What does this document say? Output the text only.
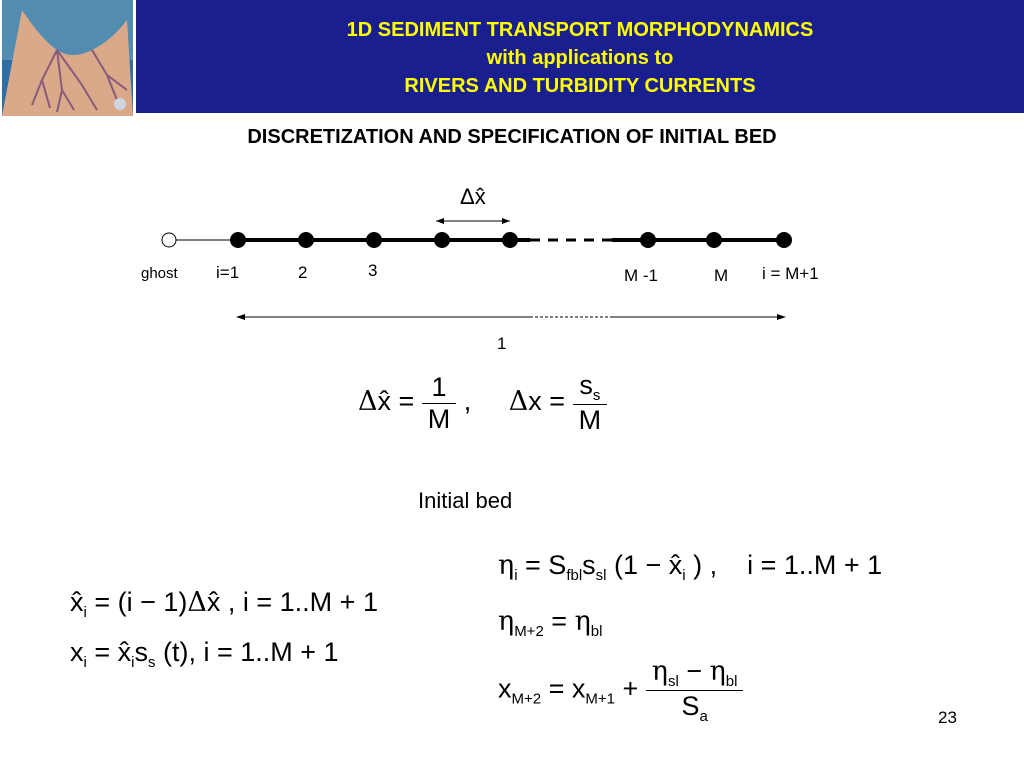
1D SEDIMENT TRANSPORT MORPHODYNAMICS
with applications to
RIVERS AND TURBIDITY CURRENTS
DISCRETIZATION AND SPECIFICATION OF INITIAL BED
Δx̂
ghost i=1	2	3	M -1	M i = M+1
1
Δx̂ = $\frac{1}{M}$ ,     $\Delta x = \frac{s_s}{M}$
Initial bed
$x̂_i = (i$ − 1)Δx̂ , i = 1..M + 1
$x_i$ = $x̂_is_s$ (t), i = 1..M + 1
$\eta_i = S_{fbl}s_{sl}$ ($1 - x̂_i$ ) ,    i = 1..M + 1
$\eta_{M+2} = \eta_{bl}$
$x_{M+2} = x_{M+1} + \frac{\eta_{sl} - \eta_{bl}}{S_a}$	23
